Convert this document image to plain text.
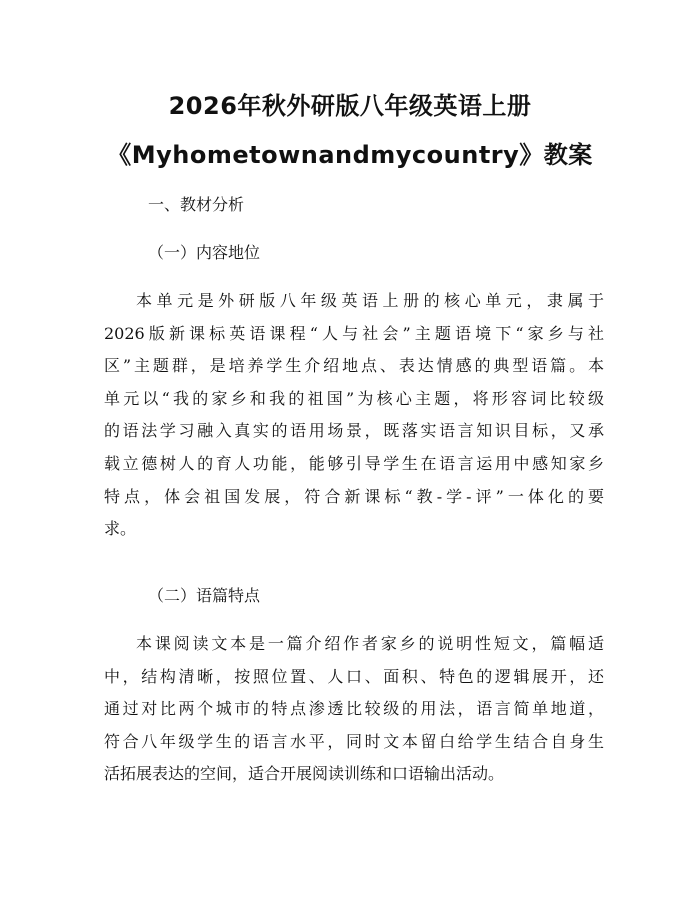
2026年秋外研版八年级英语上册
《Myhometownandmycountry》教案
一、教材分析
（一）内容地位
本单元是外研版八年级英语上册的核心单元，隶属于
2026版新课标英语课程“人与社会”主题语境下“家乡与社
区”主题群，是培养学生介绍地点、表达情感的典型语篇。本
单元以“我的家乡和我的祖国”为核心主题，将形容词比较级
的语法学习融入真实的语用场景，既落实语言知识目标，又承
载立德树人的育人功能，能够引导学生在语言运用中感知家乡
特点，体会祖国发展，符合新课标“教-学-评”一体化的要
求。
（二）语篇特点
本课阅读文本是一篇介绍作者家乡的说明性短文，篇幅适
中，结构清晰，按照位置、人口、面积、特色的逻辑展开，还
通过对比两个城市的特点渗透比较级的用法，语言简单地道，
符合八年级学生的语言水平，同时文本留白给学生结合自身生
活拓展表达的空间，适合开展阅读训练和口语输出活动。
